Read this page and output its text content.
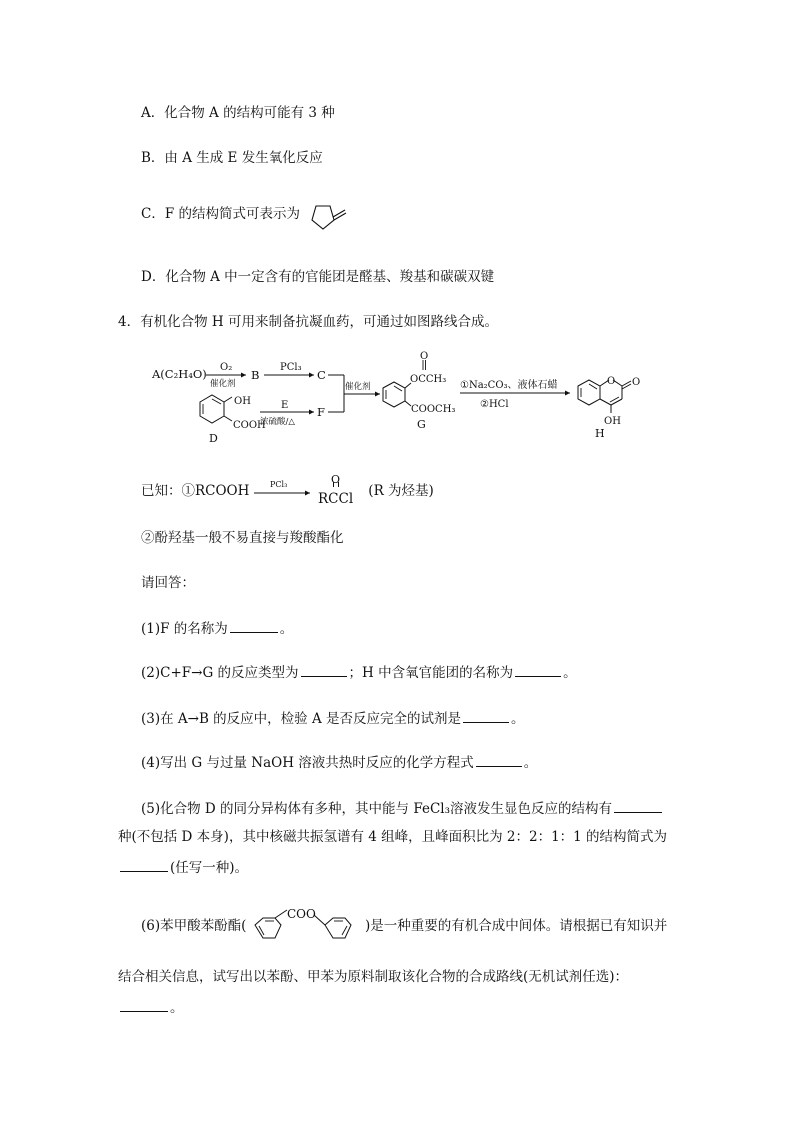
A．化合物 A 的结构可能有 3 种
B．由 A 生成 E 发生氧化反应
C．F 的结构简式可表示为
D．化合物 A 中一定含有的官能团是醛基、羧基和碳碳双键
4．有机化合物 H 可用来制备抗凝血药，可通过如图路线合成。
A(C₂H₄O) O₂
催化剂
B
PCl₃
C
OH
COOH
D
E
浓硫酸/△
F
催化剂
O
OCCH₃
COOCH₃
G
①Na₂CO₃、液体石蜡
②HCl
O O
OH
H
已知：①RCOOH	PCl₃
	O
RCCl (R 为烃基)
②酚羟基一般不易直接与羧酸酯化
请回答：
(1)F 的名称为	。
(2)C+F→G 的反应类型为	；H 中含氧官能团的名称为	。
(3)在 A→B 的反应中，检验 A 是否反应完全的试剂是	。
(4)写出 G 与过量 NaOH 溶液共热时反应的化学方程式	。
(5)化合物 D 的同分异构体有多种，其中能与 FeCl₃溶液发生显色反应的结构有
种(不包括 D 本身)，其中核磁共振氢谱有 4 组峰，且峰面积比为 2：2：1：1 的结构简式为
(任写一种)。
(6)苯甲酸苯酚酯(
COO
)是一种重要的有机合成中间体。请根据已有知识并
结合相关信息，试写出以苯酚、甲苯为原料制取该化合物的合成路线(无机试剂任选)：
。
